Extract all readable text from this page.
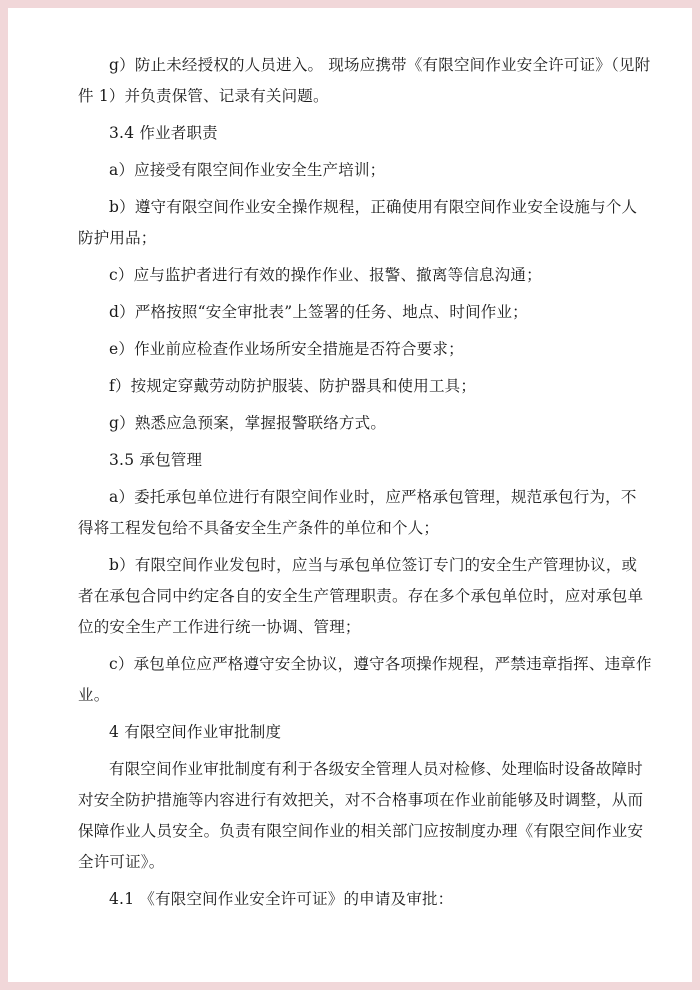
g）防止未经授权的人员进入。 现场应携带《有限空间作业安全许可证》（见附件 1）并负责保管、记录有关问题。

3.4 作业者职责

a）应接受有限空间作业安全生产培训；

b）遵守有限空间作业安全操作规程，正确使用有限空间作业安全设施与个人防护用品；

c）应与监护者进行有效的操作作业、报警、撤离等信息沟通；

d）严格按照“安全审批表”上签署的任务、地点、时间作业；

e）作业前应检查作业场所安全措施是否符合要求；

f）按规定穿戴劳动防护服装、防护器具和使用工具；

g）熟悉应急预案，掌握报警联络方式。

3.5 承包管理

a）委托承包单位进行有限空间作业时，应严格承包管理，规范承包行为，不得将工程发包给不具备安全生产条件的单位和个人；

b）有限空间作业发包时，应当与承包单位签订专门的安全生产管理协议，或者在承包合同中约定各自的安全生产管理职责。存在多个承包单位时，应对承包单位的安全生产工作进行统一协调、管理；

c）承包单位应严格遵守安全协议，遵守各项操作规程，严禁违章指挥、违章作业。

4 有限空间作业审批制度

有限空间作业审批制度有利于各级安全管理人员对检修、处理临时设备故障时对安全防护措施等内容进行有效把关，对不合格事项在作业前能够及时调整，从而保障作业人员安全。负责有限空间作业的相关部门应按制度办理《有限空间作业安全许可证》。

4.1 《有限空间作业安全许可证》的申请及审批：
